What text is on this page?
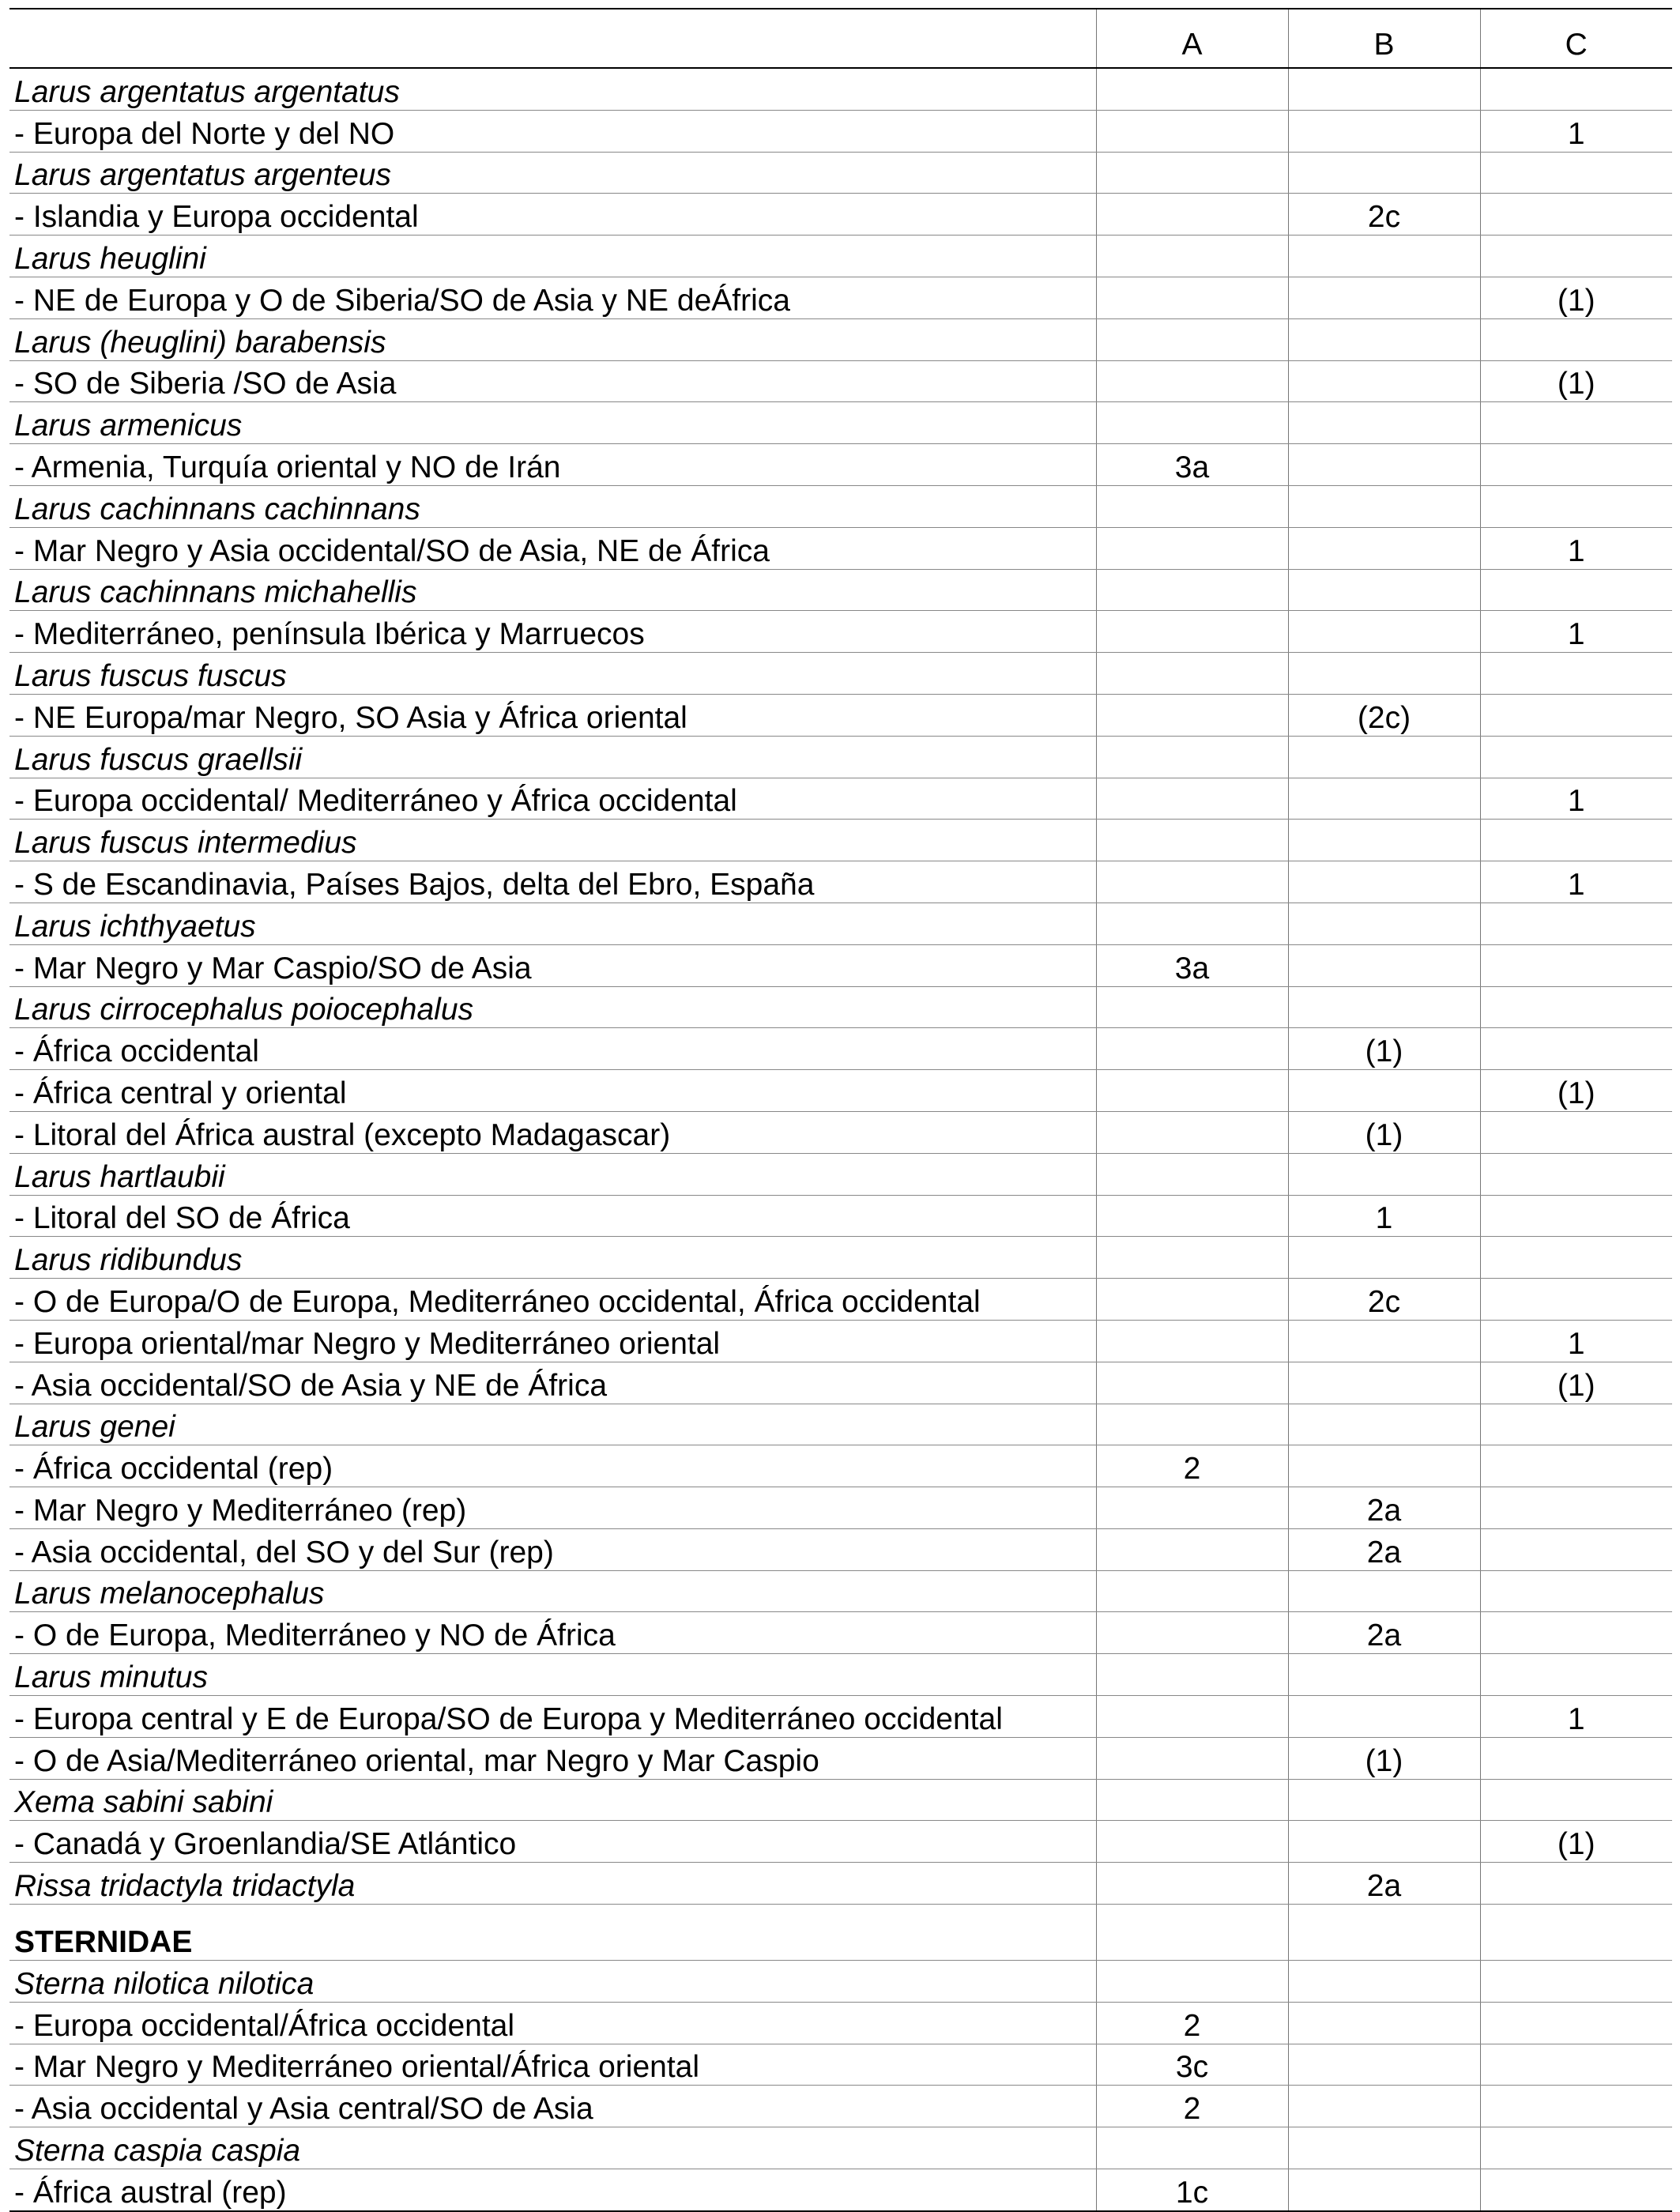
	A	B	C
Larus argentatus argentatus			
- Europa del Norte y del NO			1
Larus argentatus argenteus			
- Islandia y Europa occidental		2c	
Larus heuglini			
- NE de Europa y O de Siberia/SO de Asia y NE deÁfrica			(1)
Larus (heuglini) barabensis			
- SO de Siberia /SO de Asia			(1)
Larus armenicus			
- Armenia, Turquía oriental y NO de Irán	3a		
Larus cachinnans cachinnans			
- Mar Negro y Asia occidental/SO de Asia, NE de África			1
Larus cachinnans michahellis			
- Mediterráneo, península Ibérica y Marruecos			1
Larus fuscus fuscus			
- NE Europa/mar Negro, SO Asia y África oriental		(2c)	
Larus fuscus graellsii			
- Europa occidental/ Mediterráneo y África occidental			1
Larus fuscus intermedius			
- S de Escandinavia, Países Bajos, delta del Ebro, España			1
Larus ichthyaetus			
- Mar Negro y Mar Caspio/SO de Asia	3a		
Larus cirrocephalus poiocephalus			
- África occidental		(1)	
- África central y oriental			(1)
- Litoral del África austral (excepto Madagascar)		(1)	
Larus hartlaubii			
- Litoral del SO de África		1	
Larus ridibundus			
- O de Europa/O de Europa, Mediterráneo occidental, África occidental		2c	
- Europa oriental/mar Negro y Mediterráneo oriental			1
- Asia occidental/SO de Asia y NE de África			(1)
Larus genei			
- África occidental (rep)	2		
- Mar Negro y Mediterráneo (rep)		2a	
- Asia occidental, del SO y del Sur (rep)		2a	
Larus melanocephalus			
- O de Europa, Mediterráneo y NO de África		2a	
Larus minutus			
- Europa central y E de Europa/SO de Europa y Mediterráneo occidental			1
- O de Asia/Mediterráneo oriental, mar Negro y Mar Caspio		(1)	
Xema sabini sabini			
- Canadá y Groenlandia/SE Atlántico			(1)
Rissa tridactyla tridactyla		2a	
STERNIDAE			
Sterna nilotica nilotica			
- Europa occidental/África occidental	2		
- Mar Negro y Mediterráneo oriental/África oriental	3c		
- Asia occidental y Asia central/SO de Asia	2		
Sterna caspia caspia			
- África austral (rep)	1c		
